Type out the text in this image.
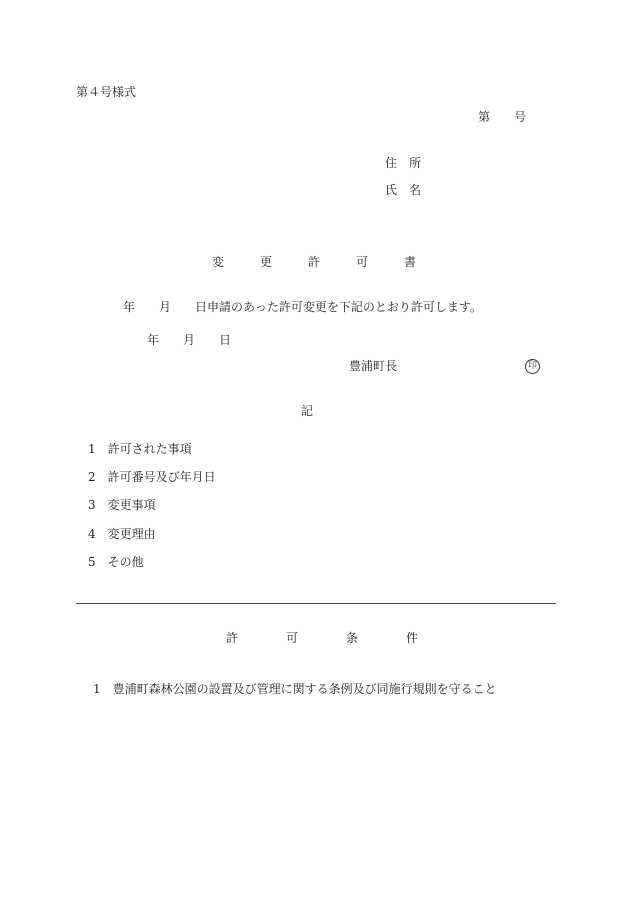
第４号様式
第　　号
住　所
氏　名
変　　　更　　　許　　　可　　　書
年　　月　　日申請のあった許可変更を下記のとおり許可します。
年　　月　　日
豊浦町長	印
記
1　許可された事項
2　許可番号及び年月日
3　変更事項
4　変更理由
5　その他
許　　　　可　　　　条　　　　件
1　豊浦町森林公園の設置及び管理に関する条例及び同施行規則を守ること
